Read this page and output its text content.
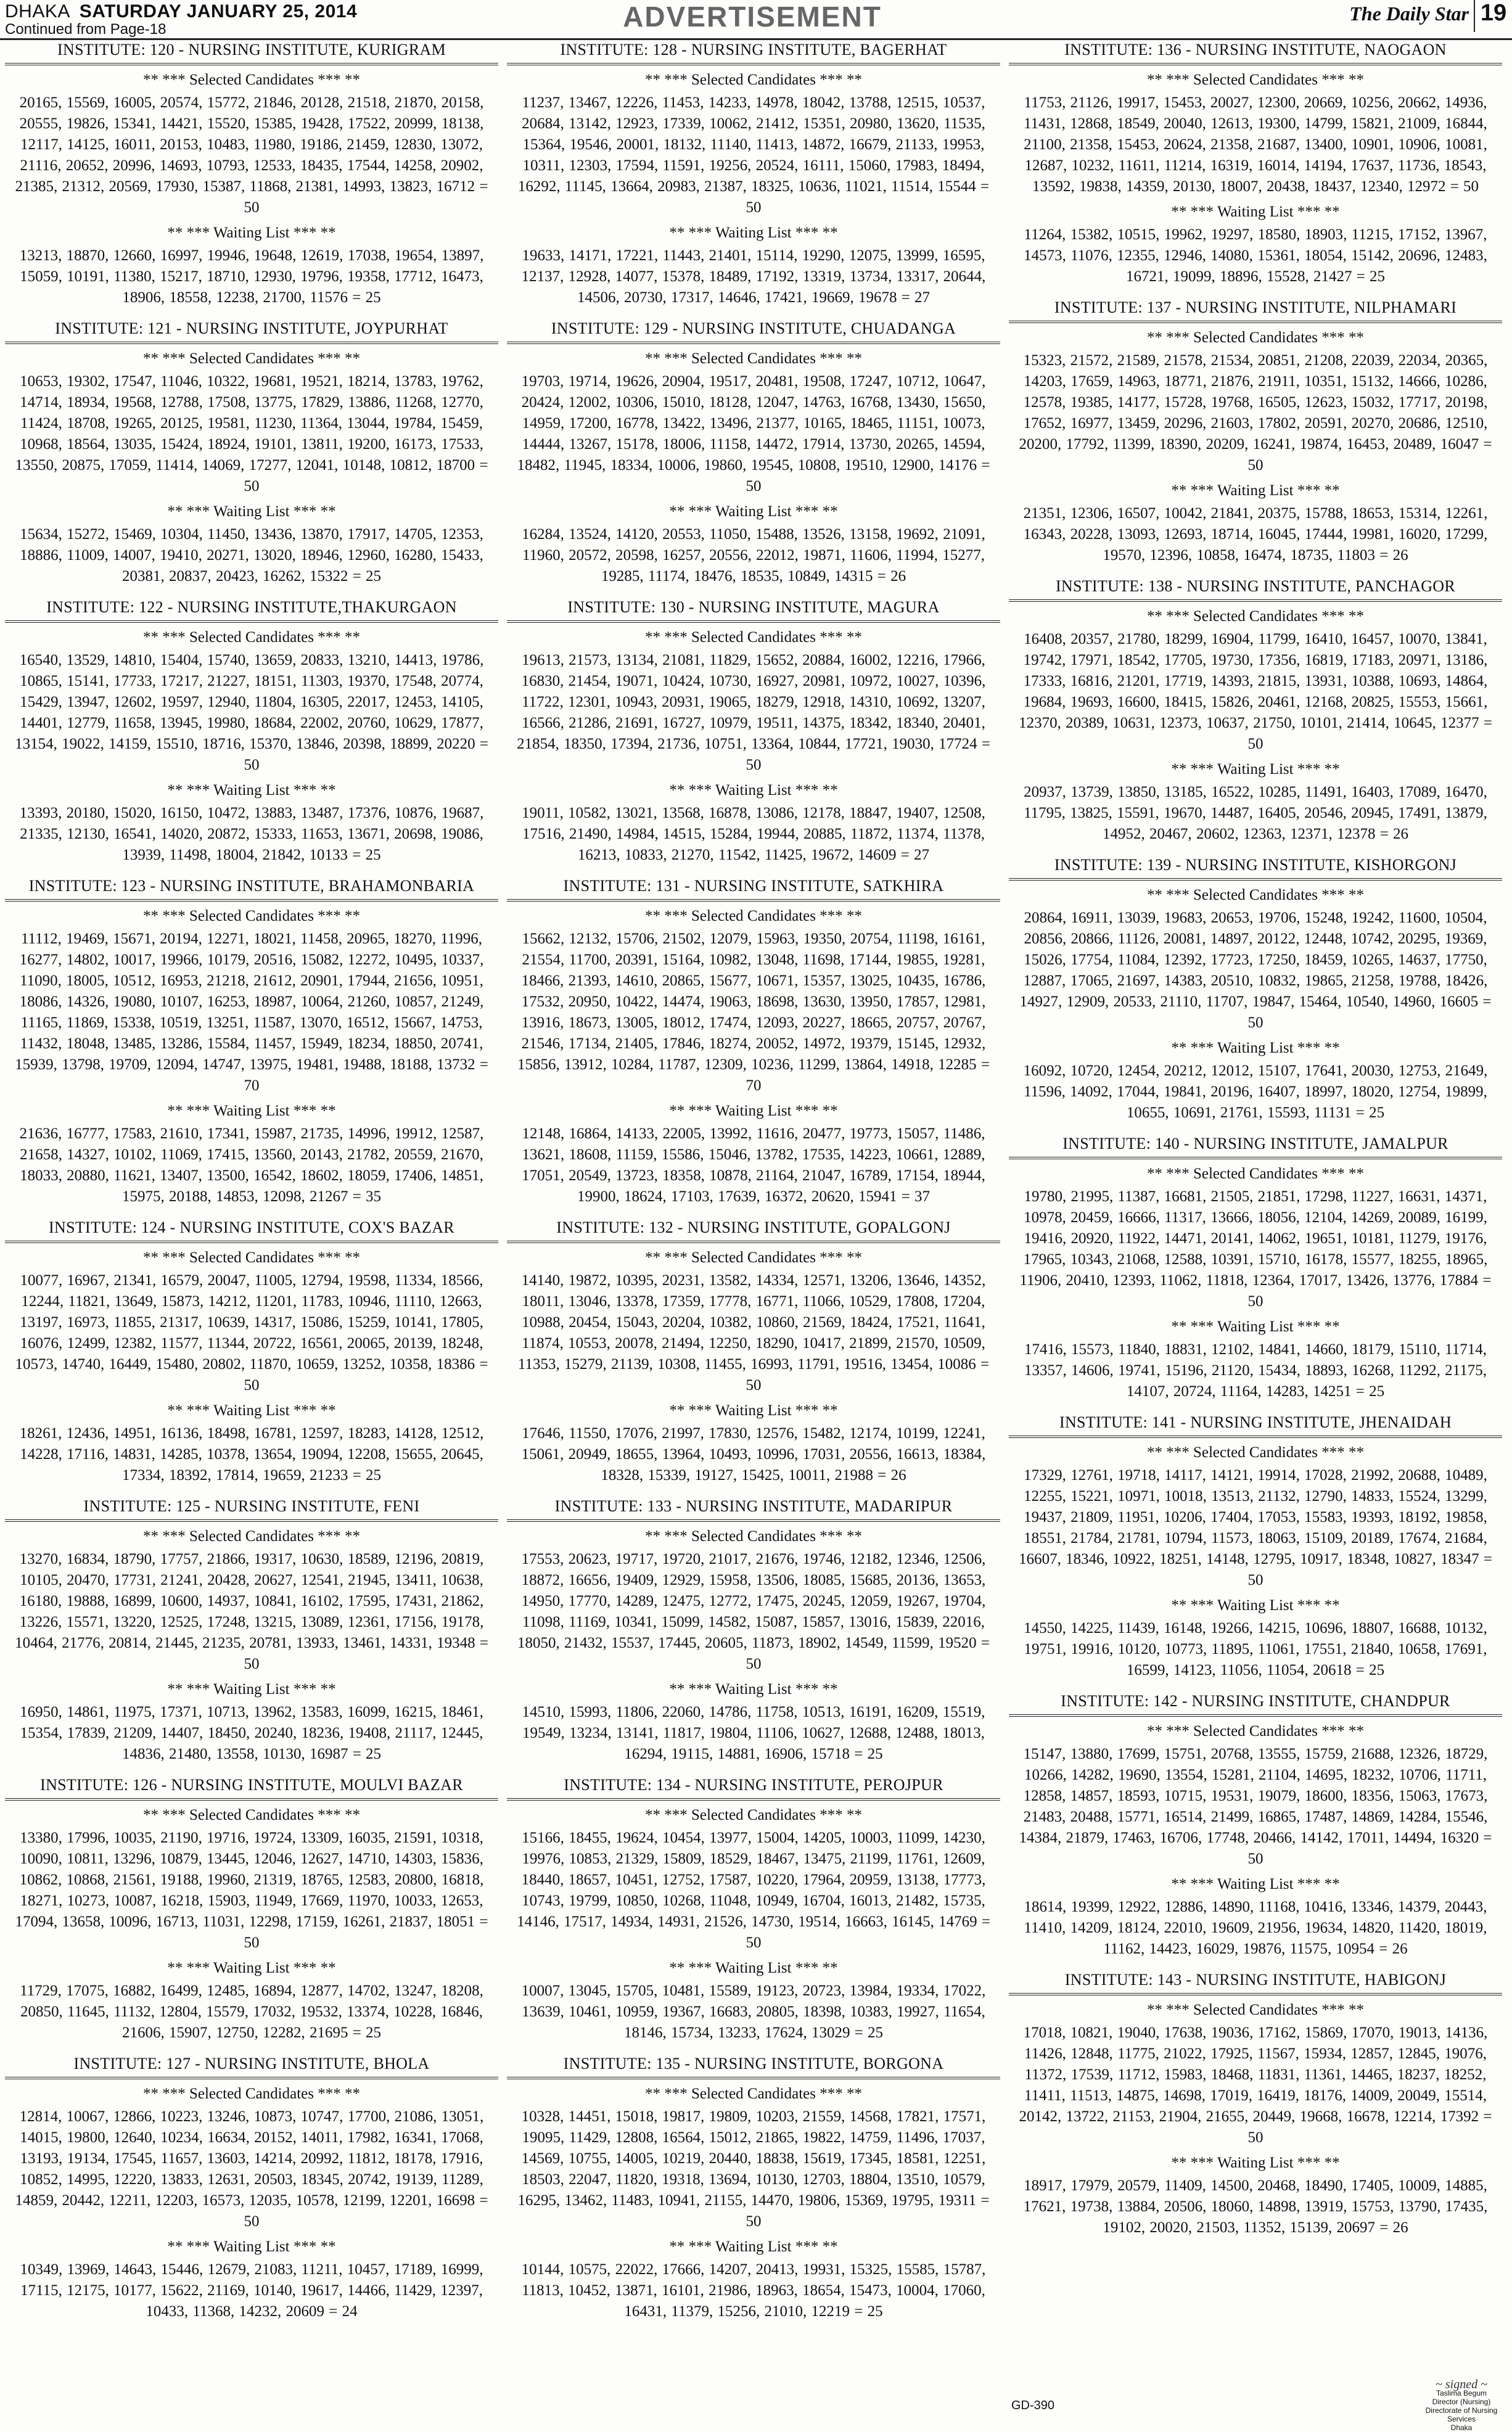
DHAKA SATURDAY JANUARY 25, 2014
Continued from Page-18	ADVERTISEMENT	The Daily Star 19
INSTITUTE: 120 - NURSING INSTITUTE, KURIGRAM
** *** Selected Candidates *** **
20165, 15569, 16005, 20574, 15772, 21846, 20128, 21518, 21870, 20158, 20555, 19826, 15341, 14421, 15520, 15385, 19428, 17522, 20999, 18138, 12117, 14125, 16011, 20153, 10483, 11980, 19186, 21459, 12830, 13072, 21116, 20652, 20996, 14693, 10793, 12533, 18435, 17544, 14258, 20902, 21385, 21312, 20569, 17930, 15387, 11868, 21381, 14993, 13823, 16712 = 50
** *** Waiting List *** **
13213, 18870, 12660, 16997, 19946, 19648, 12619, 17038, 19654, 13897, 15059, 10191, 11380, 15217, 18710, 12930, 19796, 19358, 17712, 16473, 18906, 18558, 12238, 21700, 11576 = 25
INSTITUTE: 121 - NURSING INSTITUTE, JOYPURHAT
** *** Selected Candidates *** **
10653, 19302, 17547, 11046, 10322, 19681, 19521, 18214, 13783, 19762, 14714, 18934, 19568, 12788, 17508, 13775, 17829, 13886, 11268, 12770, 11424, 18708, 19265, 20125, 19581, 11230, 11364, 13044, 19784, 15459, 10968, 18564, 13035, 15424, 18924, 19101, 13811, 19200, 16173, 17533, 13550, 20875, 17059, 11414, 14069, 17277, 12041, 10148, 10812, 18700 = 50
** *** Waiting List *** **
15634, 15272, 15469, 10304, 11450, 13436, 13870, 17917, 14705, 12353, 18886, 11009, 14007, 19410, 20271, 13020, 18946, 12960, 16280, 15433, 20381, 20837, 20423, 16262, 15322 = 25
INSTITUTE: 122 - NURSING INSTITUTE,THAKURGAON
** *** Selected Candidates *** **
16540, 13529, 14810, 15404, 15740, 13659, 20833, 13210, 14413, 19786, 10865, 15141, 17733, 17217, 21227, 18151, 11303, 19370, 17548, 20774, 15429, 13947, 12602, 19597, 12940, 11804, 16305, 22017, 12453, 14105, 14401, 12779, 11658, 13945, 19980, 18684, 22002, 20760, 10629, 17877, 13154, 19022, 14159, 15510, 18716, 15370, 13846, 20398, 18899, 20220 = 50
** *** Waiting List *** **
13393, 20180, 15020, 16150, 10472, 13883, 13487, 17376, 10876, 19687, 21335, 12130, 16541, 14020, 20872, 15333, 11653, 13671, 20698, 19086, 13939, 11498, 18004, 21842, 10133 = 25
INSTITUTE: 123 - NURSING INSTITUTE, BRAHAMONBARIA
** *** Selected Candidates *** **
11112, 19469, 15671, 20194, 12271, 18021, 11458, 20965, 18270, 11996, 16277, 14802, 10017, 19966, 10179, 20516, 15082, 12272, 10495, 10337, 11090, 18005, 10512, 16953, 21218, 21612, 20901, 17944, 21656, 10951, 18086, 14326, 19080, 10107, 16253, 18987, 10064, 21260, 10857, 21249, 11165, 11869, 15338, 10519, 13251, 11587, 13070, 16512, 15667, 14753, 11432, 18048, 13485, 13286, 15584, 11457, 15949, 18234, 18850, 20741, 15939, 13798, 19709, 12094, 14747, 13975, 19481, 19488, 18188, 13732 = 70
** *** Waiting List *** **
21636, 16777, 17583, 21610, 17341, 15987, 21735, 14996, 19912, 12587, 21658, 14327, 10102, 11069, 17415, 13560, 20143, 21782, 20559, 21670, 18033, 20880, 11621, 13407, 13500, 16542, 18602, 18059, 17406, 14851, 15975, 20188, 14853, 12098, 21267 = 35
INSTITUTE: 124 - NURSING INSTITUTE, COX'S BAZAR
** *** Selected Candidates *** **
10077, 16967, 21341, 16579, 20047, 11005, 12794, 19598, 11334, 18566, 12244, 11821, 13649, 15873, 14212, 11201, 11783, 10946, 11110, 12663, 13197, 16973, 11855, 21317, 10639, 14317, 15086, 15259, 10141, 17805, 16076, 12499, 12382, 11577, 11344, 20722, 16561, 20065, 20139, 18248, 10573, 14740, 16449, 15480, 20802, 11870, 10659, 13252, 10358, 18386 = 50
** *** Waiting List *** **
18261, 12436, 14951, 16136, 18498, 16781, 12597, 18283, 14128, 12512, 14228, 17116, 14831, 14285, 10378, 13654, 19094, 12208, 15655, 20645, 17334, 18392, 17814, 19659, 21233 = 25
INSTITUTE: 125 - NURSING INSTITUTE, FENI
** *** Selected Candidates *** **
13270, 16834, 18790, 17757, 21866, 19317, 10630, 18589, 12196, 20819, 10105, 20470, 17731, 21241, 20428, 20627, 12541, 21945, 13411, 10638, 16180, 19888, 16899, 10600, 14937, 10841, 16102, 17595, 17431, 21862, 13226, 15571, 13220, 12525, 17248, 13215, 13089, 12361, 17156, 19178, 10464, 21776, 20814, 21445, 21235, 20781, 13933, 13461, 14331, 19348 = 50
** *** Waiting List *** **
16950, 14861, 11975, 17371, 10713, 13962, 13583, 16099, 16215, 18461, 15354, 17839, 21209, 14407, 18450, 20240, 18236, 19408, 21117, 12445, 14836, 21480, 13558, 10130, 16987 = 25
INSTITUTE: 126 - NURSING INSTITUTE, MOULVI BAZAR
** *** Selected Candidates *** **
13380, 17996, 10035, 21190, 19716, 19724, 13309, 16035, 21591, 10318, 10090, 10811, 13296, 10879, 13445, 12046, 12627, 14710, 14303, 15836, 10862, 10868, 21561, 19188, 19960, 21319, 18765, 12583, 20800, 16818, 18271, 10273, 10087, 16218, 15903, 11949, 17669, 11970, 10033, 12653, 17094, 13658, 10096, 16713, 11031, 12298, 17159, 16261, 21837, 18051 = 50
** *** Waiting List *** **
11729, 17075, 16882, 16499, 12485, 16894, 12877, 14702, 13247, 18208, 20850, 11645, 11132, 12804, 15579, 17032, 19532, 13374, 10228, 16846, 21606, 15907, 12750, 12282, 21695 = 25
INSTITUTE: 127 - NURSING INSTITUTE, BHOLA
** *** Selected Candidates *** **
12814, 10067, 12866, 10223, 13246, 10873, 10747, 17700, 21086, 13051, 14015, 19800, 12640, 10234, 16634, 20152, 14011, 17982, 16341, 17068, 13193, 19134, 17545, 11657, 13603, 14214, 20992, 11812, 18178, 17916, 10852, 14995, 12220, 13833, 12631, 20503, 18345, 20742, 19139, 11289, 14859, 20442, 12211, 12203, 16573, 12035, 10578, 12199, 12201, 16698 = 50
** *** Waiting List *** **
10349, 13969, 14643, 15446, 12679, 21083, 11211, 10457, 17189, 16999, 17115, 12175, 10177, 15622, 21169, 10140, 19617, 14466, 11429, 12397, 10433, 11368, 14232, 20609 = 24
INSTITUTE: 128 - NURSING INSTITUTE, BAGERHAT
** *** Selected Candidates *** **
11237, 13467, 12226, 11453, 14233, 14978, 18042, 13788, 12515, 10537, 20684, 13142, 12923, 17339, 10062, 21412, 15351, 20980, 13620, 11535, 15364, 19546, 20001, 18132, 11140, 11413, 14872, 16679, 21133, 19953, 10311, 12303, 17594, 11591, 19256, 20524, 16111, 15060, 17983, 18494, 16292, 11145, 13664, 20983, 21387, 18325, 10636, 11021, 11514, 15544 = 50
** *** Waiting List *** **
19633, 14171, 17221, 11443, 21401, 15114, 19290, 12075, 13999, 16595, 12137, 12928, 14077, 15378, 18489, 17192, 13319, 13734, 13317, 20644, 14506, 20730, 17317, 14646, 17421, 19669, 19678 = 27
INSTITUTE: 129 - NURSING INSTITUTE, CHUADANGA
** *** Selected Candidates *** **
19703, 19714, 19626, 20904, 19517, 20481, 19508, 17247, 10712, 10647, 20424, 12002, 10306, 15010, 18128, 12047, 14763, 16768, 13430, 15650, 14959, 17200, 16778, 13422, 13496, 21377, 10165, 18465, 11151, 10073, 14444, 13267, 15178, 18006, 11158, 14472, 17914, 13730, 20265, 14594, 18482, 11945, 18334, 10006, 19860, 19545, 10808, 19510, 12900, 14176 = 50
** *** Waiting List *** **
16284, 13524, 14120, 20553, 11050, 15488, 13526, 13158, 19692, 21091, 11960, 20572, 20598, 16257, 20556, 22012, 19871, 11606, 11994, 15277, 19285, 11174, 18476, 18535, 10849, 14315 = 26
INSTITUTE: 130 - NURSING INSTITUTE, MAGURA
** *** Selected Candidates *** **
19613, 21573, 13134, 21081, 11829, 15652, 20884, 16002, 12216, 17966, 16830, 21454, 19071, 10424, 10730, 16927, 20981, 10972, 10027, 10396, 11722, 12301, 10943, 20931, 19065, 18279, 12918, 14310, 10692, 13207, 16566, 21286, 21691, 16727, 10979, 19511, 14375, 18342, 18340, 20401, 21854, 18350, 17394, 21736, 10751, 13364, 10844, 17721, 19030, 17724 = 50
** *** Waiting List *** **
19011, 10582, 13021, 13568, 16878, 13086, 12178, 18847, 19407, 12508, 17516, 21490, 14984, 14515, 15284, 19944, 20885, 11872, 11374, 11378, 16213, 10833, 21270, 11542, 11425, 19672, 14609 = 27
INSTITUTE: 131 - NURSING INSTITUTE, SATKHIRA
** *** Selected Candidates *** **
15662, 12132, 15706, 21502, 12079, 15963, 19350, 20754, 11198, 16161, 21554, 11700, 20391, 15164, 10982, 13048, 11698, 17144, 19855, 19281, 18466, 21393, 14610, 20865, 15677, 10671, 15357, 13025, 10435, 16786, 17532, 20950, 10422, 14474, 19063, 18698, 13630, 13950, 17857, 12981, 13916, 18673, 13005, 18012, 17474, 12093, 20227, 18665, 20757, 20767, 21546, 17134, 21405, 17846, 18274, 20052, 14972, 19379, 15145, 12932, 15856, 13912, 10284, 11787, 12309, 10236, 11299, 13864, 14918, 12285 = 70
** *** Waiting List *** **
12148, 16864, 14133, 22005, 13992, 11616, 20477, 19773, 15057, 11486, 13621, 18608, 11159, 15586, 15046, 13782, 17535, 14223, 10661, 12889, 17051, 20549, 13723, 18358, 10878, 21164, 21047, 16789, 17154, 18944, 19900, 18624, 17103, 17639, 16372, 20620, 15941 = 37
INSTITUTE: 132 - NURSING INSTITUTE, GOPALGONJ
** *** Selected Candidates *** **
14140, 19872, 10395, 20231, 13582, 14334, 12571, 13206, 13646, 14352, 18011, 13046, 13378, 17359, 17778, 16771, 11066, 10529, 17808, 17204, 10988, 20454, 15043, 20204, 10382, 10860, 21569, 18424, 17521, 11641, 11874, 10553, 20078, 21494, 12250, 18290, 10417, 21899, 21570, 10509, 11353, 15279, 21139, 10308, 11455, 16993, 11791, 19516, 13454, 10086 = 50
** *** Waiting List *** **
17646, 11550, 17076, 21997, 17830, 12576, 15482, 12174, 10199, 12241, 15061, 20949, 18655, 13964, 10493, 10996, 17031, 20556, 16613, 18384, 18328, 15339, 19127, 15425, 10011, 21988 = 26
INSTITUTE: 133 - NURSING INSTITUTE, MADARIPUR
** *** Selected Candidates *** **
17553, 20623, 19717, 19720, 21017, 21676, 19746, 12182, 12346, 12506, 18872, 16656, 19409, 12929, 15958, 13506, 18085, 15685, 20136, 13653, 14950, 17770, 14289, 12475, 12772, 17475, 20245, 12059, 19267, 19704, 11098, 11169, 10341, 15099, 14582, 15087, 15857, 13016, 15839, 22016, 18050, 21432, 15537, 17445, 20605, 11873, 18902, 14549, 11599, 19520 = 50
** *** Waiting List *** **
14510, 15993, 11806, 22060, 14786, 11758, 10513, 16191, 16209, 15519, 19549, 13234, 13141, 11817, 19804, 11106, 10627, 12688, 12488, 18013, 16294, 19115, 14881, 16906, 15718 = 25
INSTITUTE: 134 - NURSING INSTITUTE, PEROJPUR
** *** Selected Candidates *** **
15166, 18455, 19624, 10454, 13977, 15004, 14205, 10003, 11099, 14230, 19976, 10853, 21329, 15809, 18529, 18467, 13475, 21199, 11761, 12609, 18440, 18657, 10451, 12752, 17587, 10220, 17964, 20959, 13138, 17773, 10743, 19799, 10850, 10268, 11048, 10949, 16704, 16013, 21482, 15735, 14146, 17517, 14934, 14931, 21526, 14730, 19514, 16663, 16145, 14769 = 50
** *** Waiting List *** **
10007, 13045, 15705, 10481, 15589, 19123, 20723, 13984, 19334, 17022, 13639, 10461, 10959, 19367, 16683, 20805, 18398, 10383, 19927, 11654, 18146, 15734, 13233, 17624, 13029 = 25
INSTITUTE: 135 - NURSING INSTITUTE, BORGONA
** *** Selected Candidates *** **
10328, 14451, 15018, 19817, 19809, 10203, 21559, 14568, 17821, 17571, 19095, 11429, 12808, 16564, 15012, 21865, 19822, 14759, 11496, 17037, 14569, 10755, 14005, 10219, 20440, 18838, 15619, 17345, 18581, 12251, 18503, 22047, 11820, 19318, 13694, 10130, 12703, 18804, 13510, 10579, 16295, 13462, 11483, 10941, 21155, 14470, 19806, 15369, 19795, 19311 = 50
** *** Waiting List *** **
10144, 10575, 22022, 17666, 14207, 20413, 19931, 15325, 15585, 15787, 11813, 10452, 13871, 16101, 21986, 18963, 18654, 15473, 10004, 17060, 16431, 11379, 15256, 21010, 12219 = 25
INSTITUTE: 136 - NURSING INSTITUTE, NAOGAON
** *** Selected Candidates *** **
11753, 21126, 19917, 15453, 20027, 12300, 20669, 10256, 20662, 14936, 11431, 12868, 18549, 20040, 12613, 19300, 14799, 15821, 21009, 16844, 21100, 21358, 15453, 20624, 21358, 21687, 13400, 10901, 10906, 10081, 12687, 10232, 11611, 11214, 16319, 16014, 14194, 17637, 11736, 18543, 13592, 19838, 14359, 20130, 18007, 20438, 18437, 12340, 12972 = 50
** *** Waiting List *** **
11264, 15382, 10515, 19962, 19297, 18580, 18903, 11215, 17152, 13967, 14573, 11076, 12355, 12946, 14080, 15361, 18054, 15142, 20696, 12483, 16721, 19099, 18896, 15528, 21427 = 25
INSTITUTE: 137 - NURSING INSTITUTE, NILPHAMARI
** *** Selected Candidates *** **
15323, 21572, 21589, 21578, 21534, 20851, 21208, 22039, 22034, 20365, 14203, 17659, 14963, 18771, 21876, 21911, 10351, 15132, 14666, 10286, 12578, 19385, 14177, 15728, 19768, 16505, 12623, 15032, 17717, 20198, 17652, 16977, 13459, 20296, 21603, 17802, 20591, 20270, 20686, 12510, 20200, 17792, 11399, 18390, 20209, 16241, 19874, 16453, 20489, 16047 = 50
** *** Waiting List *** **
21351, 12306, 16507, 10042, 21841, 20375, 15788, 18653, 15314, 12261, 16343, 20228, 13093, 12693, 18714, 16045, 17444, 19981, 16020, 17299, 19570, 12396, 10858, 16474, 18735, 11803 = 26
INSTITUTE: 138 - NURSING INSTITUTE, PANCHAGOR
** *** Selected Candidates *** **
16408, 20357, 21780, 18299, 16904, 11799, 16410, 16457, 10070, 13841, 19742, 17971, 18542, 17705, 19730, 17356, 16819, 17183, 20971, 13186, 17333, 16816, 21201, 17719, 14393, 21815, 13931, 10388, 10693, 14864, 19684, 19693, 16600, 18415, 15826, 20461, 12168, 20825, 15553, 15661, 12370, 20389, 10631, 12373, 10637, 21750, 10101, 21414, 10645, 12377 = 50
** *** Waiting List *** **
20937, 13739, 13850, 13185, 16522, 10285, 11491, 16403, 17089, 16470, 11795, 13825, 15591, 19670, 14487, 16405, 20546, 20945, 17491, 13879, 14952, 20467, 20602, 12363, 12371, 12378 = 26
INSTITUTE: 139 - NURSING INSTITUTE, KISHORGONJ
** *** Selected Candidates *** **
20864, 16911, 13039, 19683, 20653, 19706, 15248, 19242, 11600, 10504, 20856, 20866, 11126, 20081, 14897, 20122, 12448, 10742, 20295, 19369, 15026, 17754, 11084, 12392, 17723, 17250, 18459, 10265, 14637, 17750, 12887, 17065, 21697, 14383, 20510, 10832, 19865, 21258, 19788, 18426, 14927, 12909, 20533, 21110, 11707, 19847, 15464, 10540, 14960, 16605 = 50
** *** Waiting List *** **
16092, 10720, 12454, 20212, 12012, 15107, 17641, 20030, 12753, 21649, 11596, 14092, 17044, 19841, 20196, 16407, 18997, 18020, 12754, 19899, 10655, 10691, 21761, 15593, 11131 = 25
INSTITUTE: 140 - NURSING INSTITUTE, JAMALPUR
** *** Selected Candidates *** **
19780, 21995, 11387, 16681, 21505, 21851, 17298, 11227, 16631, 14371, 10978, 20459, 16666, 11317, 13666, 18056, 12104, 14269, 20089, 16199, 19416, 20920, 11922, 14471, 20141, 14062, 19651, 10181, 11279, 19176, 17965, 10343, 21068, 12588, 10391, 15710, 16178, 15577, 18255, 18965, 11906, 20410, 12393, 11062, 11818, 12364, 17017, 13426, 13776, 17884 = 50
** *** Waiting List *** **
17416, 15573, 11840, 18831, 12102, 14841, 14660, 18179, 15110, 11714, 13357, 14606, 19741, 15196, 21120, 15434, 18893, 16268, 11292, 21175, 14107, 20724, 11164, 14283, 14251 = 25
INSTITUTE: 141 - NURSING INSTITUTE, JHENAIDAH
** *** Selected Candidates *** **
17329, 12761, 19718, 14117, 14121, 19914, 17028, 21992, 20688, 10489, 12255, 15221, 10971, 10018, 13513, 21132, 12790, 14833, 15524, 13299, 19437, 21809, 11951, 10206, 17404, 17053, 15583, 19393, 18192, 19858, 18551, 21784, 21781, 10794, 11573, 18063, 15109, 20189, 17674, 21684, 16607, 18346, 10922, 18251, 14148, 12795, 10917, 18348, 10827, 18347 = 50
** *** Waiting List *** **
14550, 14225, 11439, 16148, 19266, 14215, 10696, 18807, 16688, 10132, 19751, 19916, 10120, 10773, 11895, 11061, 17551, 21840, 10658, 17691, 16599, 14123, 11056, 11054, 20618 = 25
INSTITUTE: 142 - NURSING INSTITUTE, CHANDPUR
** *** Selected Candidates *** **
15147, 13880, 17699, 15751, 20768, 13555, 15759, 21688, 12326, 18729, 10266, 14282, 19690, 13554, 15281, 21104, 14695, 18232, 10706, 11711, 12858, 14857, 18593, 10715, 19531, 19079, 18600, 18356, 15063, 17673, 21483, 20488, 15771, 16514, 21499, 16865, 17487, 14869, 14284, 15546, 14384, 21879, 17463, 16706, 17748, 20466, 14142, 17011, 14494, 16320 = 50
** *** Waiting List *** **
18614, 19399, 12922, 12886, 14890, 11168, 10416, 13346, 14379, 20443, 11410, 14209, 18124, 22010, 19609, 21956, 19634, 14820, 11420, 18019, 11162, 14423, 16029, 19876, 11575, 10954 = 26
INSTITUTE: 143 - NURSING INSTITUTE, HABIGONJ
** *** Selected Candidates *** **
17018, 10821, 19040, 17638, 19036, 17162, 15869, 17070, 19013, 14136, 11426, 12848, 11775, 21022, 17925, 11567, 15934, 12857, 12845, 19076, 11372, 17539, 11712, 15983, 18468, 11831, 11361, 14465, 18237, 18252, 11411, 11513, 14875, 14698, 17019, 16419, 18176, 14009, 20049, 15514, 20142, 13722, 21153, 21904, 21655, 20449, 19668, 16678, 12214, 17392 = 50
** *** Waiting List *** **
18917, 17979, 20579, 11409, 14500, 20468, 18490, 17405, 10009, 14885, 17621, 19738, 13884, 20506, 18060, 14898, 13919, 15753, 13790, 17435, 19102, 20020, 21503, 11352, 15139, 20697 = 26
GD-390
~ signed ~
Taslima Begum
Director (Nursing)
Directorate of Nursing Services
Dhaka
